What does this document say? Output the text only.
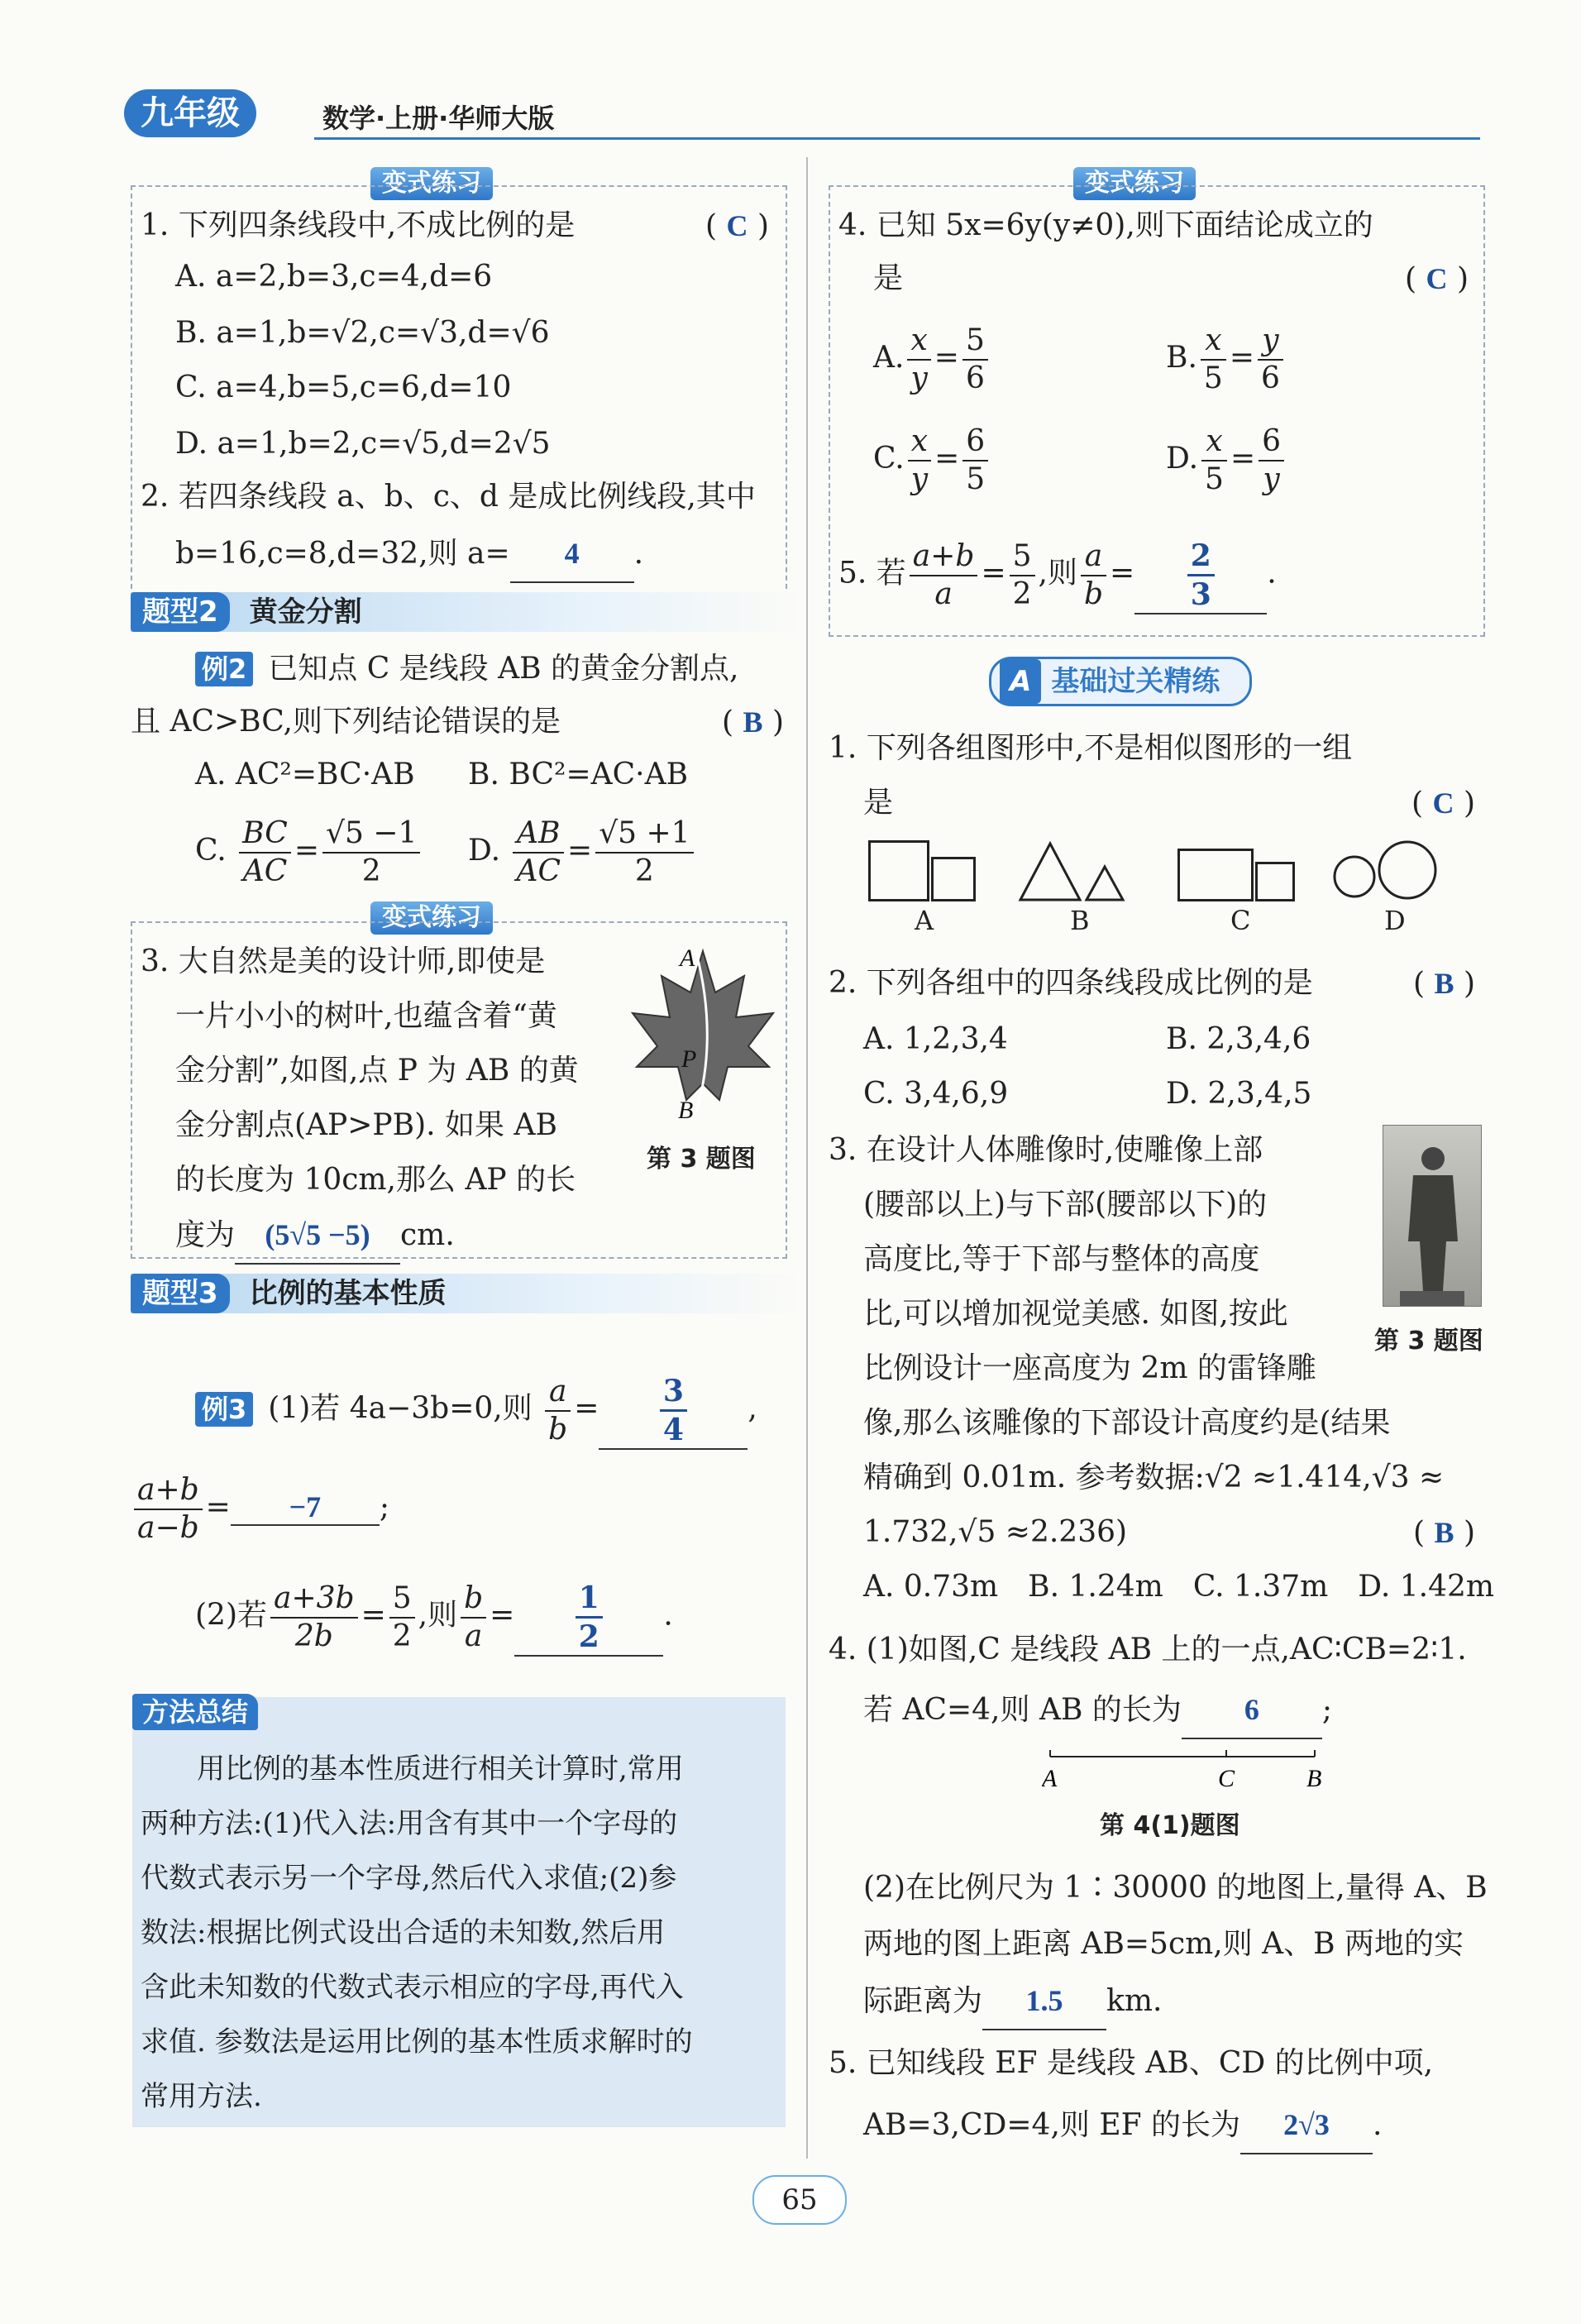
九年级	数学·上册·华师大版
变式练习
1. 下列四条线段中,不成比例的是	( C )
A. a=2,b=3,c=4,d=6
B. a=1,b=√2,c=√3,d=√6
C. a=4,b=5,c=6,d=10
D. a=1,b=2,c=√5,d=2√5
2. 若四条线段 a、b、c、d 是成比例线段,其中
b=16,c=8,d=32,则 a= 4 .
题型2 黄金分割
例2 已知点 C 是线段 AB 的黄金分割点,
且 AC>BC,则下列结论错误的是	( B )
A. AC²=BC·AB B. BC²=AC·AB
C. $\frac{BC}{AC} = \frac{√5 -1}{2} D$. $\frac{AB}{AC} = \frac{√5 +1}{2}$
变式练习
3. 大自然是美的设计师,即使是
一片小小的树叶,也蕴含着“黄
金分割”,如图,点 P 为 AB 的黄
金分割点(AP>PB). 如果 AB
的长度为 10cm,那么 AP 的长
度为 (5√5 −5) cm.
A
P
B
第 3 题图
题型3 比例的基本性质
例3 (1)若 4a−3b=0,则 $\frac{a}{b} = \frac{3}{4}$ ,
$\frac{a+b}{a-b} = -7$ ;
(2)若 $\frac{a+3b}{2b} = \frac{5}{2}$ ,则 $\frac{b}{a} = \frac{1}{2}$ .

　　用比例的基本性质进行相关计算时,常用

两种方法:(1)代入法:用含有其中一个字母的

代数式表示另一个字母,然后代入求值;(2)参

数法:根据比例式设出合适的未知数,然后用

含此未知数的代数式表示相应的字母,再代入

求值. 参数法是运用比例的基本性质求解时的

常用方法.

方法总结
变式练习
4. 已知 5x=6y(y≠0),则下面结论成立的
是	( C )
A. $\frac{x}{y} = \frac{5}{6}$	B. $\frac{x}{5} = \frac{y}{6}$
C. $\frac{x}{y} = \frac{6}{5}$	D. $\frac{x}{5} = \frac{6}{y}$
5. 若 $\frac{a+b}{a} = \frac{5}{2}$ ,则 $\frac{a}{b} = \frac{2}{3}$ .
A 基础过关精练
1. 下列各组图形中,不是相似图形的一组
是	( C )
A	B	C	D
2. 下列各组中的四条线段成比例的是	( B )
A. 1,2,3,4	B. 2,3,4,6
C. 3,4,6,9	D. 2,3,4,5
3. 在设计人体雕像时,使雕像上部
(腰部以上)与下部(腰部以下)的
高度比,等于下部与整体的高度
比,可以增加视觉美感. 如图,按此
比例设计一座高度为 2m 的雷锋雕
像,那么该雕像的下部设计高度约是(结果
精确到 0.01m. 参考数据:√2 ≈1.414,√3 ≈
1.732,√5 ≈2.236)	( B )
A. 0.73m　B. 1.24m　C. 1.37m　D. 1.42m
第 3 题图
4. (1)如图,C 是线段 AB 上的一点,AC∶CB=2∶1.
若 AC=4,则 AB 的长为 6 ;
A	C	B
第 4(1)题图
(2)在比例尺为 1∶30000 的地图上,量得 A、B
两地的图上距离 AB=5cm,则 A、B 两地的实
际距离为 1.5 km.
5. 已知线段 EF 是线段 AB、CD 的比例中项,
AB=3,CD=4,则 EF 的长为 2√3 .
65
